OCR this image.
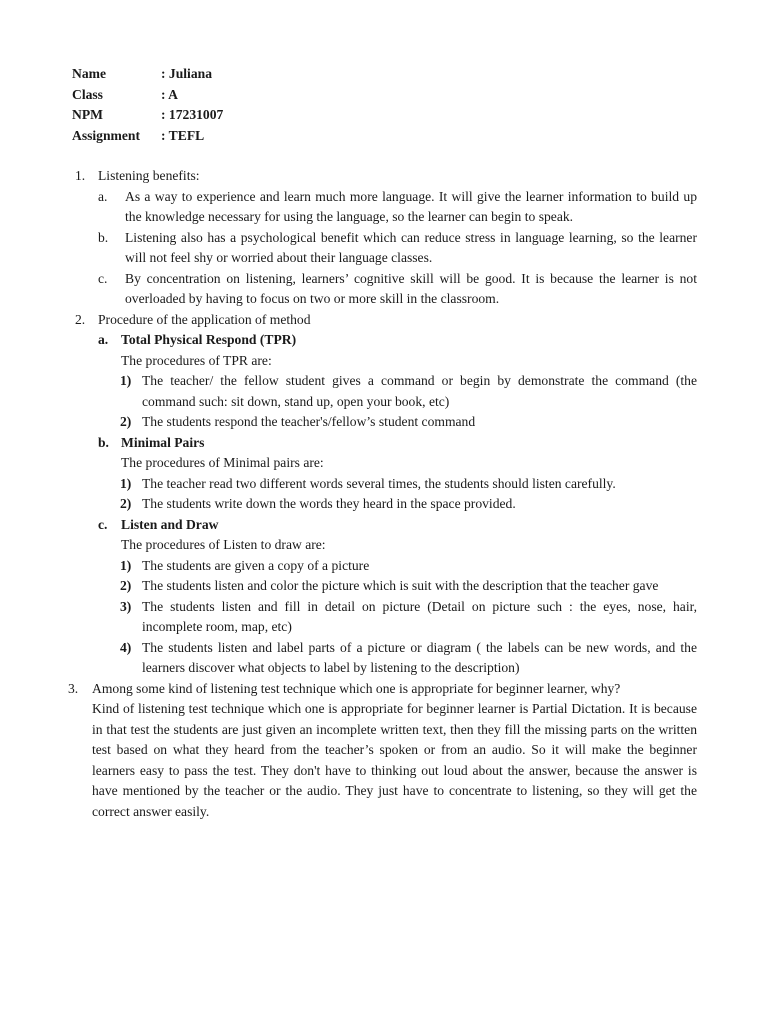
Name	: Juliana
Class	: A
NPM	: 17231007
Assignment	: TEFL
1. Listening benefits:
a. As a way to experience and learn much more language. It will give the learner information to build up the knowledge necessary for using the language, so the learner can begin to speak.
b. Listening also has a psychological benefit which can reduce stress in language learning, so the learner will not feel shy or worried about their language classes.
c. By concentration on listening, learners’ cognitive skill will be good. It is because the learner is not overloaded by having to focus on two or more skill in the classroom.
2. Procedure of the application of method
a. Total Physical Respond (TPR)
The procedures of TPR are:
1) The teacher/ the fellow student gives a command or begin by demonstrate the command (the command such: sit down, stand up, open your book, etc)
2) The students respond the teacher's/fellow’s student command
b. Minimal Pairs
The procedures of Minimal pairs are:
1) The teacher read two different words several times, the students should listen carefully.
2) The students write down the words they heard in the space provided.
c. Listen and Draw
The procedures of Listen to draw are:
1) The students are given a copy of a picture
2) The students listen and color the picture which is suit with the description that the teacher gave
3) The students listen and fill in detail on picture (Detail on picture such : the eyes, nose, hair, incomplete room, map, etc)
4) The students listen and label parts of a picture or diagram ( the labels can be new words, and the learners discover what objects to label by listening to the description)
3. Among some kind of listening test technique which one is appropriate for beginner learner, why?
Kind of listening test technique which one is appropriate for beginner learner is Partial Dictation. It is because in that test the students are just given an incomplete written text, then they fill the missing parts on the written test based on what they heard from the teacher’s spoken or from an audio. So it will make the beginner learners easy to pass the test. They don't have to thinking out loud about the answer, because the answer is have mentioned by the teacher or the audio. They just have to concentrate to listening, so they will get the correct answer easily.
